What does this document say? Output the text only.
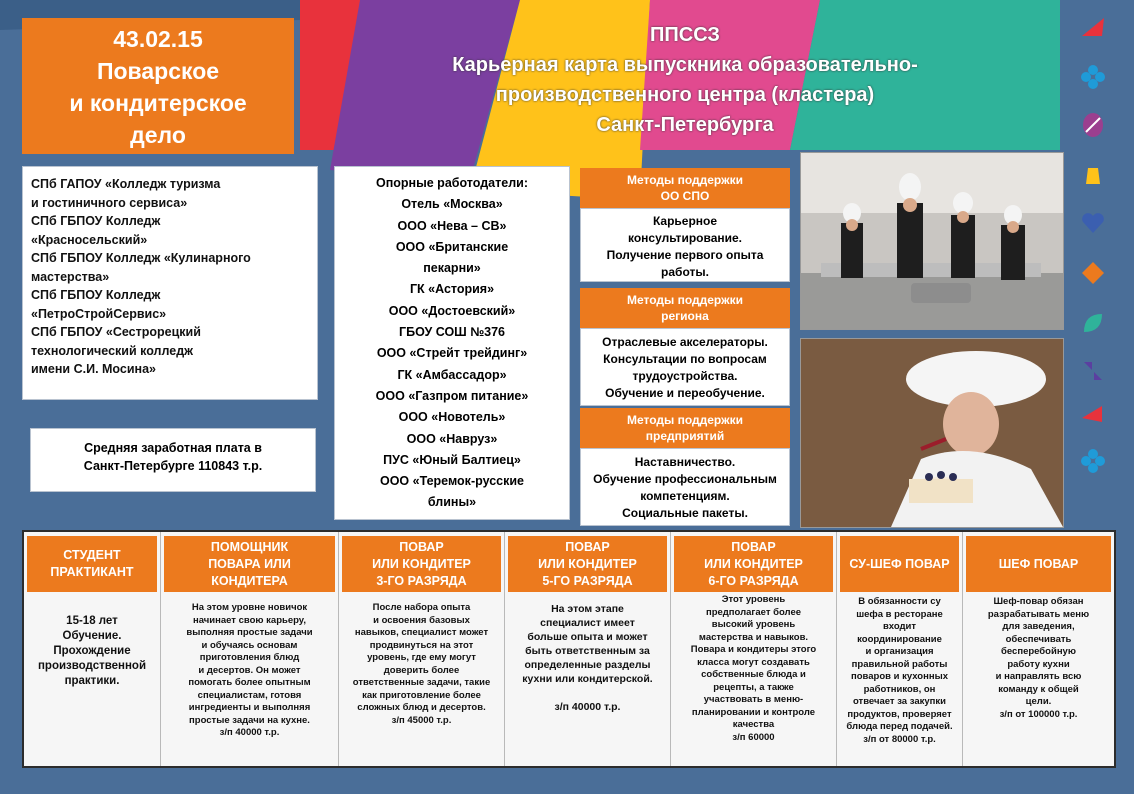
43.02.15
Поварское
и кондитерское
дело
ППССЗ
Карьерная карта выпускника образовательно-
производственного центра (кластера)
Санкт-Петербурга
СПб ГАПОУ «Колледж туризма
и гостиничного сервиса»
СПб ГБПОУ Колледж
«Красносельский»
СПб ГБПОУ Колледж «Кулинарного
мастерства»
СПб ГБПОУ Колледж
«ПетроСтройСервис»
СПб ГБПОУ «Сестрорецкий
технологический колледж
имени С.И. Мосина»
Средняя заработная плата в
Санкт-Петербурге 110843 т.р.
Опорные работодатели:
Отель «Москва»
ООО «Нева – СВ»
ООО «Британские
пекарни»
ГК «Астория»
ООО «Достоевский»
ГБОУ СОШ №376
ООО «Стрейт трейдинг»
ГК «Амбассадор»
ООО «Газпром питание»
ООО «Новотель»
ООО «Навруз»
ПУС «Юный Балтиец»
ООО «Теремок-русские
блины»
Методы поддержки
ОО СПО
Карьерное
консультирование.
Получение первого опыта
работы.
Методы поддержки
региона
Отраслевые акселераторы.
Консультации по вопросам
трудоустройства.
Обучение и переобучение.
Методы поддержки
предприятий
Наставничество.
Обучение профессиональным
компетенциям.
Социальные пакеты.
СТУДЕНТ
ПРАКТИКАНТ
15-18 лет
Обучение.
Прохождение
производственной
практики.
ПОМОЩНИК
ПОВАРА ИЛИ
КОНДИТЕРА
На этом уровне новичок
начинает свою карьеру,
выполняя простые задачи
и обучаясь основам
приготовления блюд
и десертов. Он может
помогать более опытным
специалистам, готовя
ингредиенты и выполняя
простые задачи на кухне.
з/п 40000 т.р.
ПОВАР
ИЛИ КОНДИТЕР
3-ГО РАЗРЯДА
После набора опыта
и освоения базовых
навыков, специалист может
продвинуться на этот
уровень, где ему могут
доверить более
ответственные задачи, такие
как приготовление более
сложных блюд и десертов.
з/п 45000 т.р.
ПОВАР
ИЛИ КОНДИТЕР
5-ГО РАЗРЯДА
На этом этапе
специалист имеет
больше опыта и может
быть ответственным за
определенные разделы
кухни или кондитерской.
з/п 40000 т.р.
ПОВАР
ИЛИ КОНДИТЕР
6-ГО РАЗРЯДА
Этот уровень
предполагает более
высокий уровень
мастерства и навыков.
Повара и кондитеры этого
класса могут создавать
собственные блюда и
рецепты, а также
участвовать в меню-
планировании и контроле
качества
з/п 60000
СУ-ШЕФ ПОВАР
В обязанности су
шефа в ресторане
входит
координирование
и организация
правильной работы
поваров и кухонных
работников, он
отвечает за закупки
продуктов, проверяет
блюда перед подачей.
з/п от 80000 т.р.
ШЕФ ПОВАР
Шеф-повар обязан
разрабатывать меню
для заведения,
обеспечивать
бесперебойную
работу кухни
и направлять всю
команду к общей
цели.
з/п от 100000 т.р.
